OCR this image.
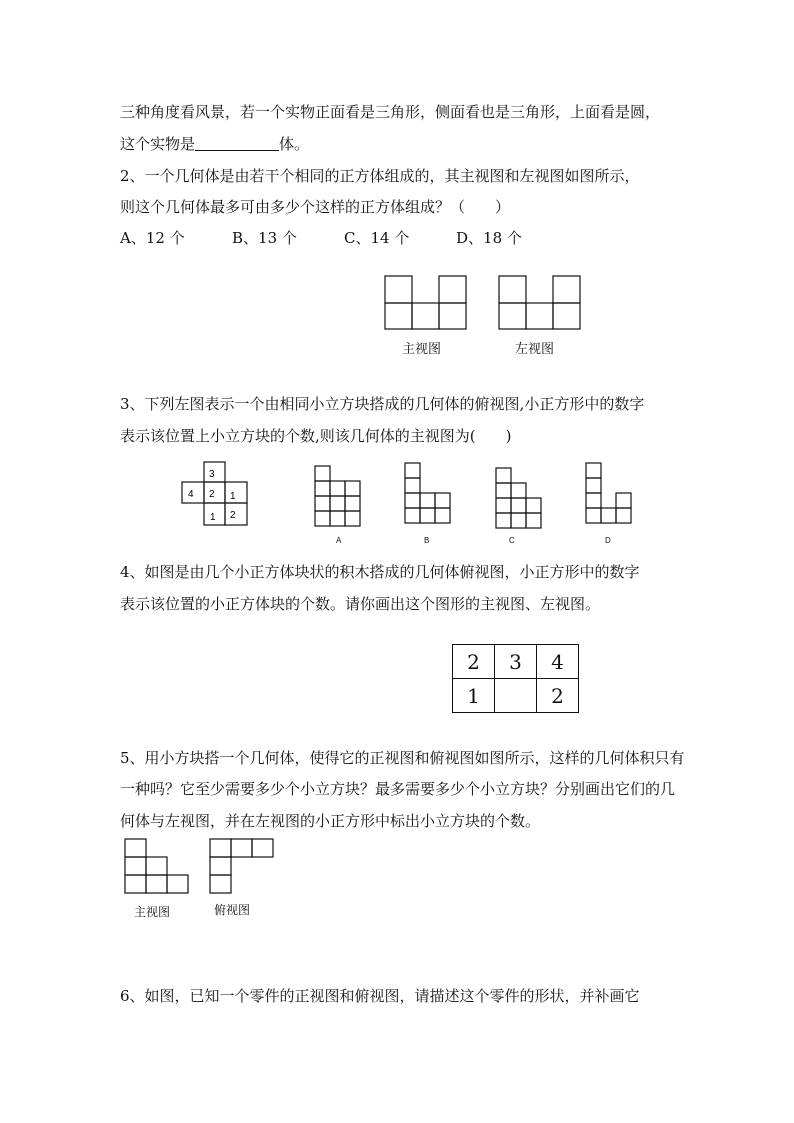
三种角度看风景，若一个实物正面看是三角形，侧面看也是三角形，上面看是圆，
这个实物是	体。
2、一个几何体是由若干个相同的正方体组成的，其主视图和左视图如图所示，
则这个几何体最多可由多少个这样的正方体组成？（　　）
A、12 个	B、13 个	C、14 个	D、18 个
主视图	左视图
3、下列左图表示一个由相同小立方块搭成的几何体的俯视图,小正方形中的数字
表示该位置上小立方块的个数,则该几何体的主视图为(　　)
3
4 2 1
1 2
A	B	C	D
4、如图是由几个小正方体块状的积木搭成的几何体俯视图，小正方形中的数字
表示该位置的小正方体块的个数。请你画出这个图形的主视图、左视图。
2	3	4
1		2
5、用小方块搭一个几何体，使得它的正视图和俯视图如图所示，这样的几何体积只有
一种吗？它至少需要多少个小立方块？最多需要多少个小立方块？分别画出它们的几
何体与左视图，并在左视图的小正方形中标出小立方块的个数。
主视图	俯视图
6、如图，已知一个零件的正视图和俯视图，请描述这个零件的形状，并补画它
